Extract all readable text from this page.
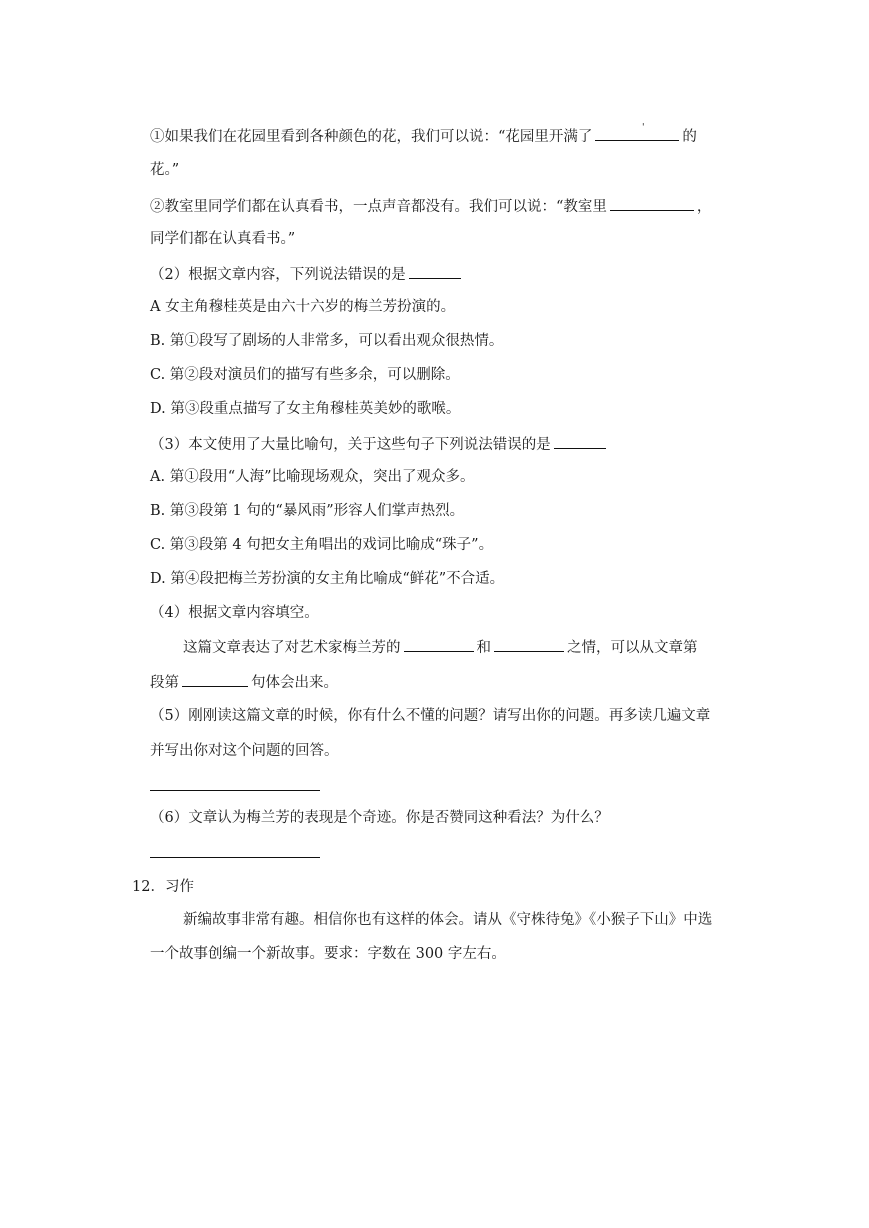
①如果我们在花园里看到各种颜色的花，我们可以说：“花园里开满了	的
'
花。”
②教室里同学们都在认真看书，一点声音都没有。我们可以说：“教室里	，
同学们都在认真看书。”
（2）根据文章内容，下列说法错误的是
A 女主角穆桂英是由六十六岁的梅兰芳扮演的。
B. 第①段写了剧场的人非常多，可以看出观众很热情。
C. 第②段对演员们的描写有些多余，可以删除。
D. 第③段重点描写了女主角穆桂英美妙的歌喉。
（3）本文使用了大量比喻句，关于这些句子下列说法错误的是
A. 第①段用“人海”比喻现场观众，突出了观众多。
B. 第③段第 1 句的“暴风雨”形容人们掌声热烈。
C. 第③段第 4 句把女主角唱出的戏词比喻成“珠子”。
D. 第④段把梅兰芳扮演的女主角比喻成“鲜花”不合适。
（4）根据文章内容填空。
这篇文章表达了对艺术家梅兰芳的	和	之情，可以从文章第
段第	句体会出来。
（5）刚刚读这篇文章的时候，你有什么不懂的问题？请写出你的问题。再多读几遍文章
并写出你对这个问题的回答。
（6）文章认为梅兰芳的表现是个奇迹。你是否赞同这种看法？为什么？
12．习作
新编故事非常有趣。相信你也有这样的体会。请从《守株待兔》《小猴子下山》中选
一个故事创编一个新故事。要求：字数在 300 字左右。
